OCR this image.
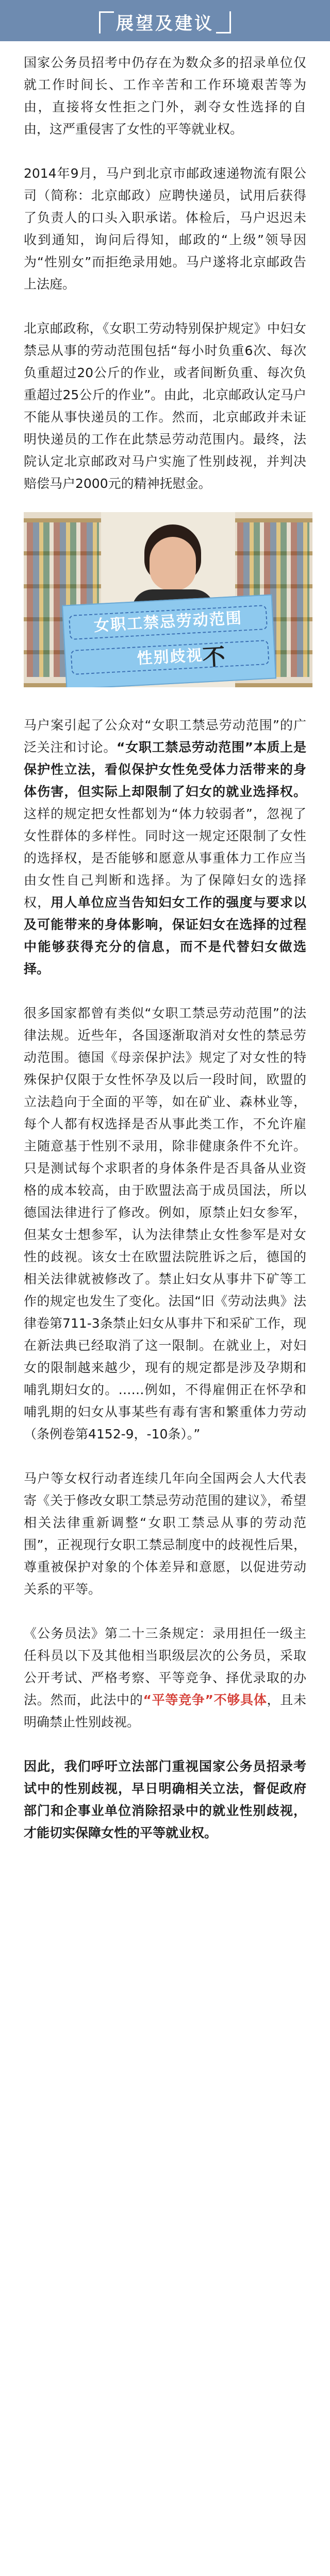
展望及建议

国家公务员招考中仍存在为数众多的招录单位仅就工作时间长、工作辛苦和工作环境艰苦等为由，直接将女性拒之门外，剥夺女性选择的自由，这严重侵害了女性的平等就业权。

2014年9月，马户到北京市邮政速递物流有限公司（简称：北京邮政）应聘快递员，试用后获得了负责人的口头入职承诺。体检后，马户迟迟未收到通知，询问后得知，邮政的“上级”领导因为“性别女”而拒绝录用她。马户遂将北京邮政告上法庭。

北京邮政称，《女职工劳动特别保护规定》中妇女禁忌从事的劳动范围包括“每小时负重6次、每次负重超过20公斤的作业，或者间断负重、每次负重超过25公斤的作业”。由此，北京邮政认定马户不能从事快递员的工作。然而，北京邮政并未证明快递员的工作在此禁忌劳动范围内。最终，法院认定北京邮政对马户实施了性别歧视，并判决赔偿马户2000元的精神抚慰金。

女职工禁忌劳动范围
性别歧视
不

马户案引起了公众对“女职工禁忌劳动范围”的广泛关注和讨论。“女职工禁忌劳动范围”本质上是保护性立法，看似保护女性免受体力活带来的身体伤害，但实际上却限制了妇女的就业选择权。这样的规定把女性都划为“体力较弱者”，忽视了女性群体的多样性。同时这一规定还限制了女性的选择权，是否能够和愿意从事重体力工作应当由女性自己判断和选择。为了保障妇女的选择权，用人单位应当告知妇女工作的强度与要求以及可能带来的身体影响，保证妇女在选择的过程中能够获得充分的信息，而不是代替妇女做选择。

很多国家都曾有类似“女职工禁忌劳动范围”的法律法规。近些年，各国逐渐取消对女性的禁忌劳动范围。德国《母亲保护法》规定了对女性的特殊保护仅限于女性怀孕及以后一段时间，欧盟的立法趋向于全面的平等，如在矿业、森林业等，每个人都有权选择是否从事此类工作，不允许雇主随意基于性别不录用，除非健康条件不允许。只是测试每个求职者的身体条件是否具备从业资格的成本较高，由于欧盟法高于成员国法，所以德国法律进行了修改。例如，原禁止妇女参军，但某女士想参军，认为法律禁止女性参军是对女性的歧视。该女士在欧盟法院胜诉之后，德国的相关法律就被修改了。禁止妇女从事井下矿等工作的规定也发生了变化。法国“旧《劳动法典》法律卷第711-3条禁止妇女从事井下和采矿工作，现在新法典已经取消了这一限制。在就业上，对妇女的限制越来越少，现有的规定都是涉及孕期和哺乳期妇女的。……例如，不得雇佣正在怀孕和哺乳期的妇女从事某些有毒有害和繁重体力劳动（条例卷第4152-9，-10条）。”

马户等女权行动者连续几年向全国两会人大代表寄《关于修改女职工禁忌劳动范围的建议》，希望相关法律重新调整“女职工禁忌从事的劳动范围”，正视现行女职工禁忌制度中的歧视性后果，尊重被保护对象的个体差异和意愿，以促进劳动关系的平等。

《公务员法》第二十三条规定：录用担任一级主任科员以下及其他相当职级层次的公务员，采取公开考试、严格考察、平等竞争、择优录取的办法。然而，此法中的“平等竞争”不够具体，且未明确禁止性别歧视。

因此，我们呼吁立法部门重视国家公务员招录考试中的性别歧视，早日明确相关立法，督促政府部门和企事业单位消除招录中的就业性别歧视，才能切实保障女性的平等就业权。
